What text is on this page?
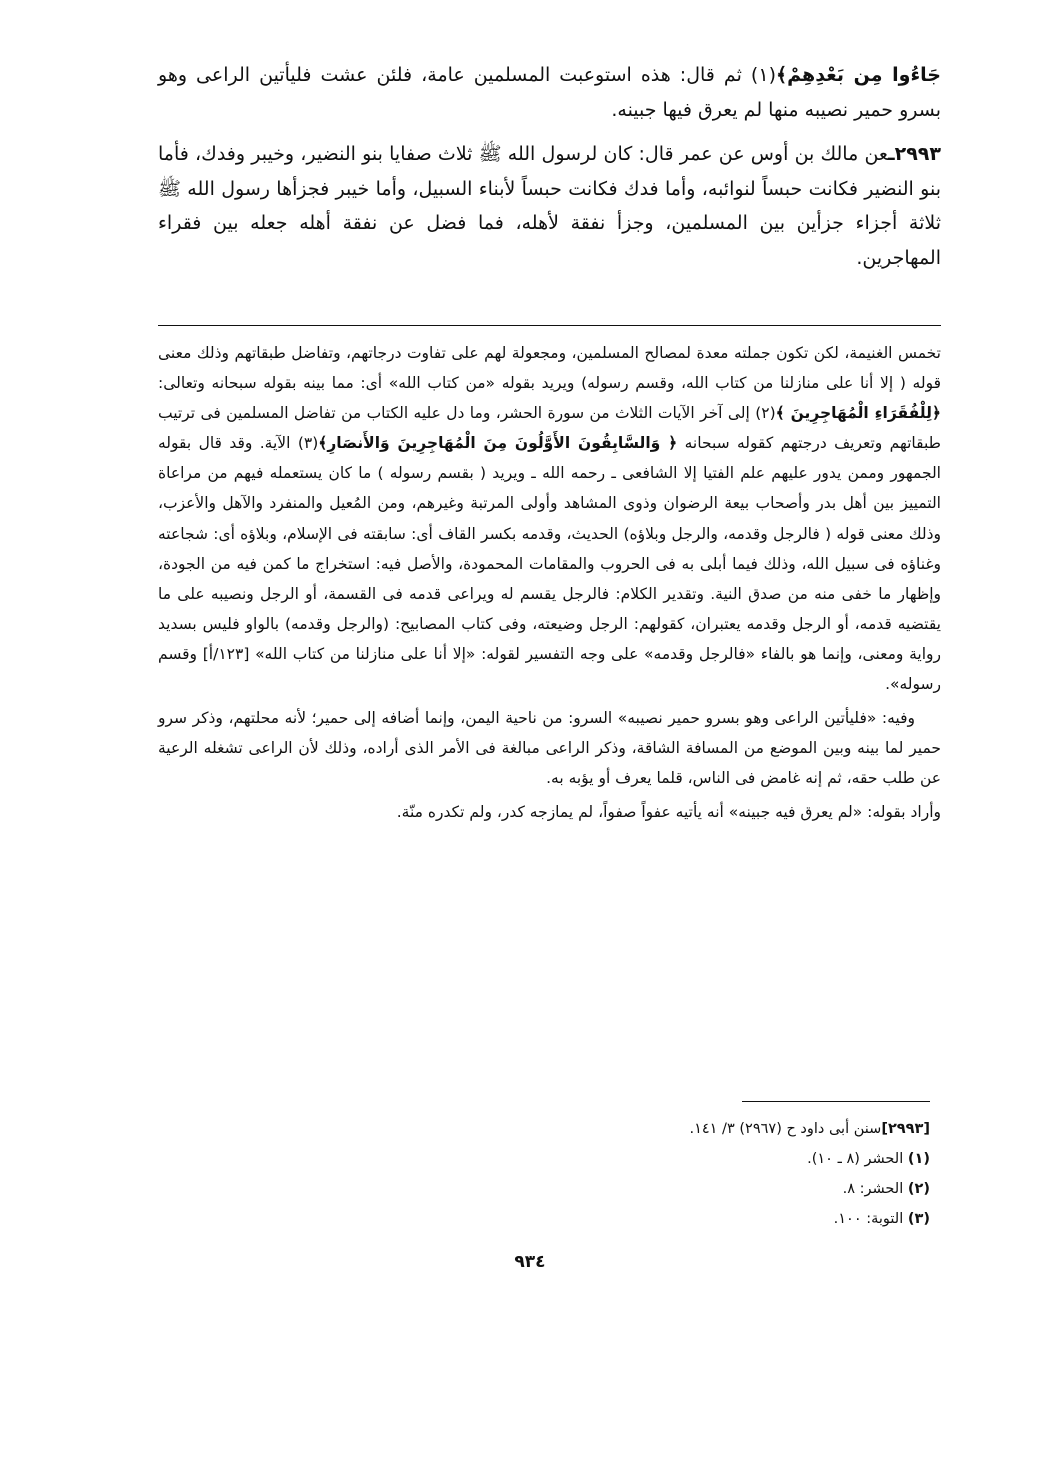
جَاءُوا مِن بَعْدِهِمْ﴾(١) ثم قال: هذه استوعبت المسلمين عامة، فلئن عشت فليأتين الراعى وهو بسرو حمير نصيبه منها لم يعرق فيها جبينه.

٢٩٩٣ـعن مالك بن أوس عن عمر قال: كان لرسول الله ﷺ ثلاث صفايا بنو النضير، وخيبر وفدك، فأما بنو النضير فكانت حبساً لنوائبه، وأما فدك فكانت حبساً لأبناء السبيل، وأما خيبر فجزأها رسول الله ﷺ ثلاثة أجزاء جزأين بين المسلمين، وجزأ نفقة لأهله، فما فضل عن نفقة أهله جعله بين فقراء المهاجرين.

تخمس الغنيمة، لكن تكون جملته معدة لمصالح المسلمين، ومجعولة لهم على تفاوت درجاتهم، وتفاضل طبقاتهم وذلك معنى قوله ( إلا أنا على منازلنا من كتاب الله، وقسم رسوله) ويريد بقوله «من كتاب الله» أى: مما بينه بقوله سبحانه وتعالى: ﴿لِلْفُقَرَاءِ الْمُهَاجِرِينَ ﴾(٢) إلى آخر الآيات الثلاث من سورة الحشر، وما دل عليه الكتاب من تفاضل المسلمين فى ترتيب طبقاتهم وتعريف درجتهم كقوله سبحانه ﴿ وَالسَّابِقُونَ الأَوَّلُونَ مِنَ الْمُهَاجِرِينَ وَالأَنصَارِ﴾(٣) الآية. وقد قال بقوله الجمهور وممن يدور عليهم علم الفتيا إلا الشافعى ـ رحمه الله ـ ويريد ( بقسم رسوله ) ما كان يستعمله فيهم من مراعاة التمييز بين أهل بدر وأصحاب بيعة الرضوان وذوى المشاهد وأولى المرتبة وغيرهم، ومن المُعيل والمنفرد والآهل والأعزب، وذلك معنى قوله ( فالرجل وقدمه، والرجل وبلاؤه) الحديث، وقدمه بكسر القاف أى: سابقته فى الإسلام، وبلاؤه أى: شجاعته وغناؤه فى سبيل الله، وذلك فيما أبلى به فى الحروب والمقامات المحمودة، والأصل فيه: استخراج ما كمن فيه من الجودة، وإظهار ما خفى منه من صدق النية. وتقدير الكلام: فالرجل يقسم له ويراعى قدمه فى القسمة، أو الرجل ونصيبه على ما يقتضيه قدمه، أو الرجل وقدمه يعتبران، كقولهم: الرجل وضيعته، وفى كتاب المصابيح: (والرجل وقدمه) بالواو فليس بسديد رواية ومعنى، وإنما هو بالفاء «فالرجل وقدمه» على وجه التفسير لقوله: «إلا أنا على منازلنا من كتاب الله» [١٢٣/أ] وقسم رسوله».

وفيه: «فليأتين الراعى وهو بسرو حمير نصيبه» السرو: من ناحية اليمن، وإنما أضافه إلى حمير؛ لأنه محلتهم، وذكر سرو حمير لما بينه وبين الموضع من المسافة الشاقة، وذكر الراعى مبالغة فى الأمر الذى أراده، وذلك لأن الراعى تشغله الرعية عن طلب حقه، ثم إنه غامض فى الناس، قلما يعرف أو يؤبه به.

وأراد بقوله: «لم يعرق فيه جبينه» أنه يأتيه عفواً صفواً، لم يمازجه كدر، ولم تكدره منّة.

[٢٩٩٣]سنن أبى داود ح (٢٩٦٧) ٣/ ١٤١.
(١) الحشر (٨ ـ ١٠).
(٢) الحشر: ٨.
(٣) التوبة: ١٠٠.
٩٣٤
